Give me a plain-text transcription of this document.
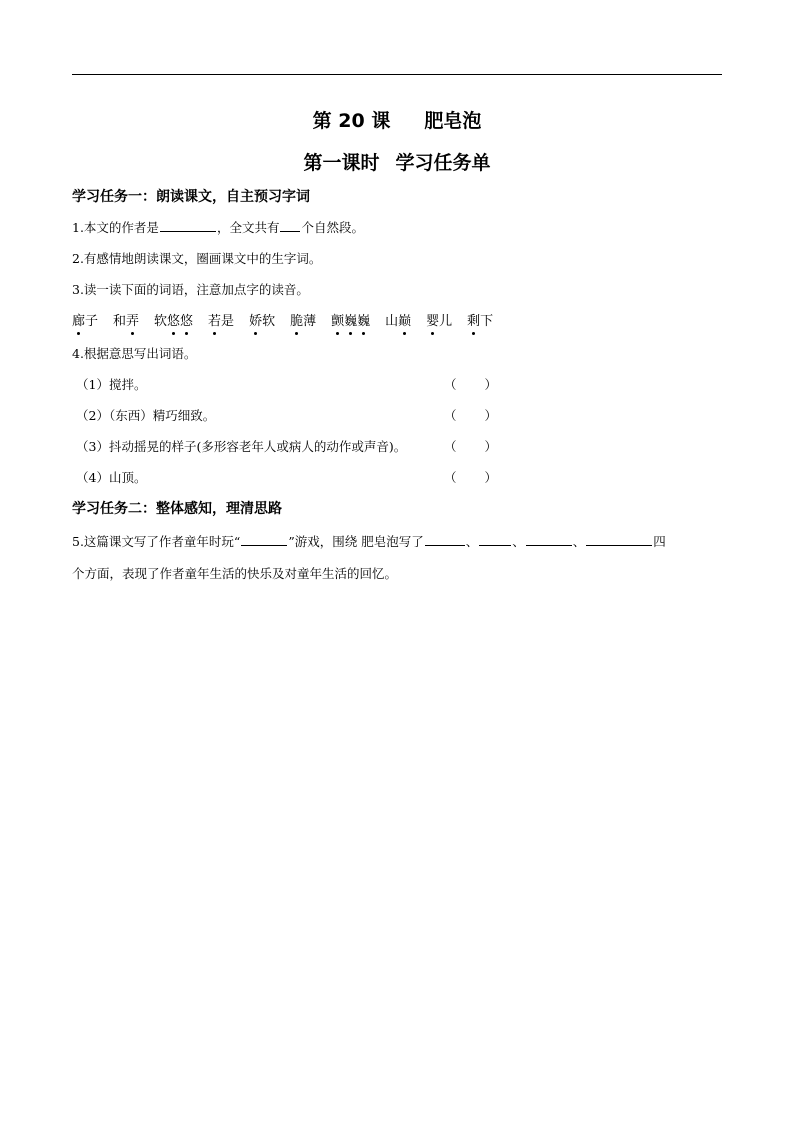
第 20 课 肥皂泡
第一课时 学习任务单
学习任务一：朗读课文，自主预习字词
1.本文的作者是	，全文共有 个自然段。
2.有感情地朗读课文，圈画课文中的生字词。
3.读一读下面的词语，注意加点字的读音。
廊子 和弄 软悠悠 若是 娇软 脆薄 颤巍巍 山巅 婴儿 剩下
4.根据意思写出词语。
（1）搅拌。	（ ）
（2）（东西）精巧细致。	（ ）
（3）抖动摇晃的样子(多形容老年人或病人的动作或声音)。	（ ）
（4）山顶。	（ ）
学习任务二：整体感知，理清思路
5.这篇课文写了作者童年时玩“	”游戏，围绕 肥皂泡写了	、	、	、	四
个方面，表现了作者童年生活的快乐及对童年生活的回忆。
